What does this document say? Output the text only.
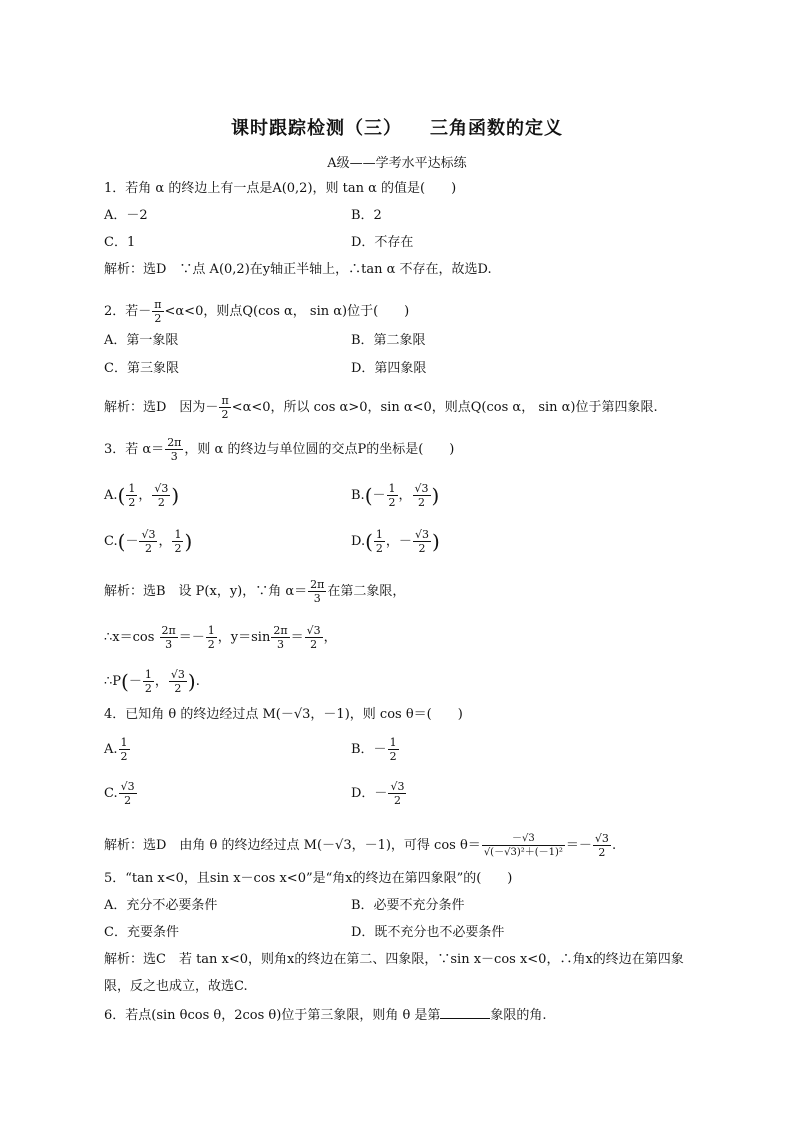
课时跟踪检测（三） 三角函数的定义
A级——学考水平达标练
1．若角 α 的终边上有一点是A(0,2)，则 tan α 的值是(　　)
A．－2	B．2
C．1	D．不存在
解析：选D　∵点 A(0,2)在y轴正半轴上，∴tan α 不存在，故选D.
2．若－ $\frac{\pi}{2} <\alpha<0$，则点Q(cos α， sin α)位于(　　)
A．第一象限	B．第二象限
C．第三象限	D．第四象限
解析：选D　因为－ $\frac{\pi}{2} <\alpha<0$，所以 cos α>0，sin α<0，则点Q(cos α， sin α)位于第四象限.
3．若 $\alpha= \frac{2\pi}{3}$ ，则 α 的终边与单位圆的交点P的坐标是(　　)
$A.( \frac{1}{2}$ ， $\frac{√3}{2}$ )	$B.(- \frac{1}{2}$ ， $\frac{√3}{2}$ )
$C.(- \frac{√3}{2}$ ， $\frac{1}{2}$ )	$D.( \frac{1}{2}$ ，－ $\frac{√3}{2}$ )
解析：选B　设 P(x，y)，∵角 $\alpha= \frac{2\pi}{3}$ 在第二象限，
∴x＝cos $\frac{2\pi}{3} =- \frac{1}{2}$ ，$y=\sin \frac{2\pi}{3} = \frac{√3}{2}$ ，
∴P(－ $\frac{1}{2}$ ， $\frac{√3}{2}$ ).
4．已知角 θ 的终边经过点 M(－√3，－1)，则 cos θ＝(　　)
A. $\frac{1}{2}$	B．－ $\frac{1}{2}$
C. $\frac{√3}{2}$	D．－ $\frac{√3}{2}$
解析：选D　由角 θ 的终边经过点 M(－√3，－1)，可得 $\cos \theta= \frac{-√3}{\text{√(－√3)²＋(－1)²}} =- \frac{√3}{2}$ .
5．“tan x<0，且sin x－cos x<0”是“角x的终边在第四象限”的(　　)
A．充分不必要条件	B．必要不充分条件
C．充要条件	D．既不充分也不必要条件
解析：选C　若 tan x<0，则角x的终边在第二、四象限，∵sin x－cos x<0，∴角x的终边在第四象
限，反之也成立，故选C.
6．若点(sin θcos θ，2cos θ)位于第三象限，则角 θ 是第	象限的角.
